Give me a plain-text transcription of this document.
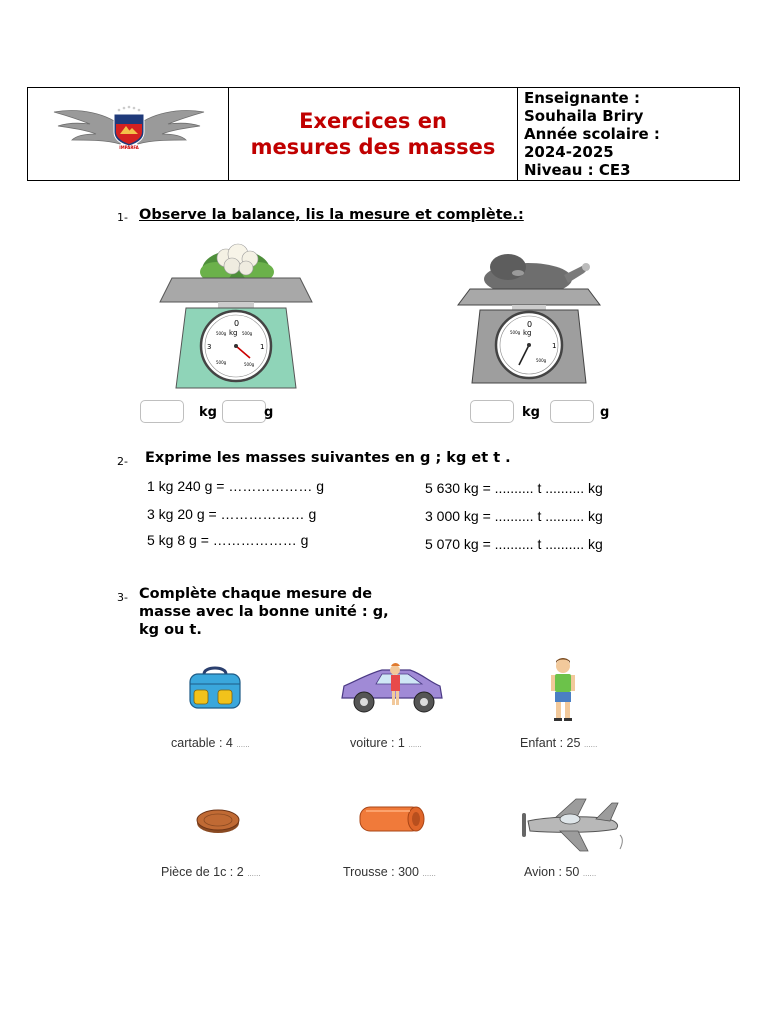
IMPARFA
Exercices en
mesures des masses
Enseignante :
Souhaila Briry
Année scolaire :
2024-2025
Niveau : CE3
1- Observe la balance, lis la mesure et complète.:
0
kg 500g
500g
500g	500g
3	1
0
kg
500g
500g
1
kg	g	kg	g
2- Exprime les masses suivantes en g ; kg et t .
1 kg 240 g = ……………… g
3 kg 20 g = ……………… g
5 kg 8 g = ……………… g
5 630 kg = .......... t .......... kg
3 000 kg = .......... t .......... kg
5 070 kg = .......... t .......... kg
3- Complète chaque mesure de
masse avec la bonne unité : g,
kg ou t.
cartable : 4 ......	voiture : 1 ......	Enfant : 25 ......
Pièce de 1c : 2 ......	Trousse : 300 ......	Avion : 50 ......
